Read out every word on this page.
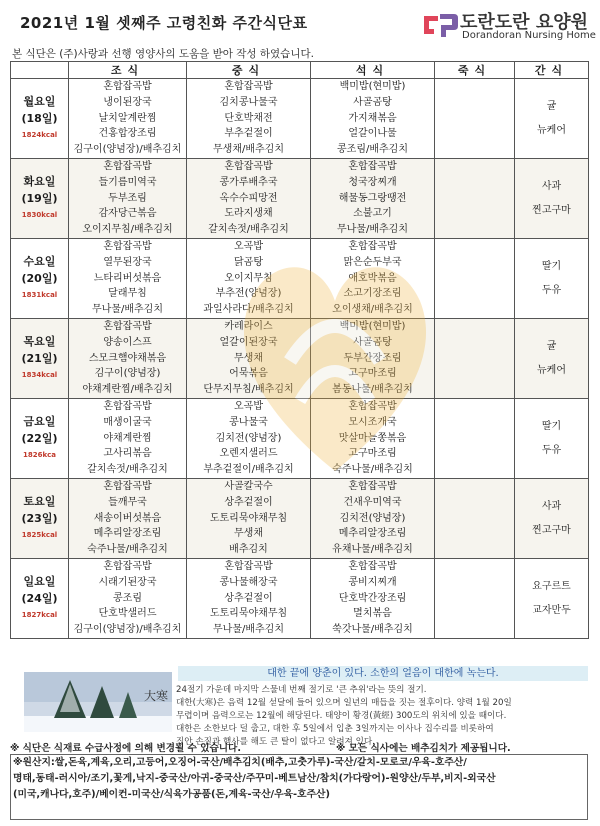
2021년 1월 셋째주 고령친화 주간식단표	도란도란 요양원
Dorandoran Nursing Home
본 식단은 (주)사랑과 선행 영양사의 도움을 받아 작성 하였습니다.
	조식	중식	석식	죽식	간식

월요일
(18일)
1824kcal	혼합잡곡밥
냉이된장국
날치알계란찜
건홍합장조림
김구이(양념장)/배추김치	혼합잡곡밥
김치콩나물국
단호박채전
부추겉절이
무생채/배추김치	백미밥(현미밥)
사골곰탕
가지채볶음
얼갈이나물
콩조림/배추김치		귤
뉴케어

화요일
(19일)
1830kcal	혼합잡곡밥
들기름미역국
두부조림
감자당근볶음
오이지무침/배추김치	혼합잡곡밥
콩가루배추국
옥수수피망전
도라지생채
갈치속젓/배추김치	혼합잡곡밥
청국장찌개
해물동그랑땡전
소불고기
무나물/배추김치		사과
찐고구마

수요일
(20일)
1831kcal	혼합잡곡밥
열무된장국
느타리버섯볶음
달래무침
무나물/배추김치	오곡밥
닭곰탕
오이지무침
부추전(양념장)
과일사라다/배추김치	혼합잡곡밥
맑은순두부국
애호박볶음
소고기장조림
오이생채/배추김치		딸기
두유

목요일
(21일)
1834kcal	혼합잡곡밥
양송이스프
스모크햄야채볶음
김구이(양념장)
야채계란찜/배추김치	카레라이스
얼갈이된장국
무생채
어묵볶음
단무지무침/배추김치	백미밥(현미밥)
사골곰탕
두부간장조림
고구마조림
봄동나물/배추김치		귤
뉴케어

금요일
(22일)
1826kca	혼합잡곡밥
매생이굴국
야채계란찜
고사리볶음
갈치속젓/배추김치	오곡밥
콩나물국
김치전(양념장)
오렌지샐러드
부추겉절이/배추김치	혼합잡곡밥
모시조개국
맛살마늘쫑볶음
고구마조림
숙주나물/배추김치		딸기
두유

토요일
(23일)
1825kcal	혼합잡곡밥
들깨무국
새송이버섯볶음
메추리알장조림
숙주나물/배추김치	사골칼국수
상추겉절이
도토리묵야채무침
무생채
배추김치	혼합잡곡밥
건새우미역국
김치전(양념장)
메추리알장조림
유채나물/배추김치		사과
찐고구마

일요일
(24일)
1827kcal	혼합잡곡밥
시래기된장국
콩조림
단호박샐러드
김구이(양념장)/배추김치	혼합잡곡밥
콩나물해장국
상추겉절이
도토리묵야채무침
무나물/배추김치	혼합잡곡밥
콩비지찌개
단호박간장조림
멸치볶음
쑥갓나물/배추김치		요구르트
교자만두
대한 끝에 양춘이 있다. 소한의 얼음이 대한에 녹는다.
大寒 24절기 가운데 마지막 스물네 번째 절기로 '큰 추위'라는 뜻의 절기.
대한(大寒)은 음력 12월 섣달에 들어 있으며 일년의 매듭을 짓는 절후이다. 양력 1월 20일
무렵이며 음력으로는 12월에 해당된다. 태양이 황경(黃經) 300도의 위치에 있을 때이다.
대한은 소한보다 덜 춥고, 대한 후 5일에서 입춘 3일까지는 이사나 집수리를 비롯하여
집안 손질과 행사를 해도 큰 탈이 없다고 알려져 있다.
※ 식단은 식재료 수급사정에 의해 변경될 수 있습니다.	※ 모든 식사에는 배추김치가 제공됩니다.
※원산지:쌀,돈육,계육,오리,고등어,오징어-국산/배추김치(배추,고춧가루)-국산/갈치-모로코/우육-호주산/
명태,동태-러시아/조기,꽃게,낙지-중국산/아귀-중국산/주꾸미-베트남산/참치(가다랑어)-원양산/두부,비지-외국산
(미국,캐나다,호주)/베이컨-미국산/식육가공품(돈,계육-국산/우육-호주산)
